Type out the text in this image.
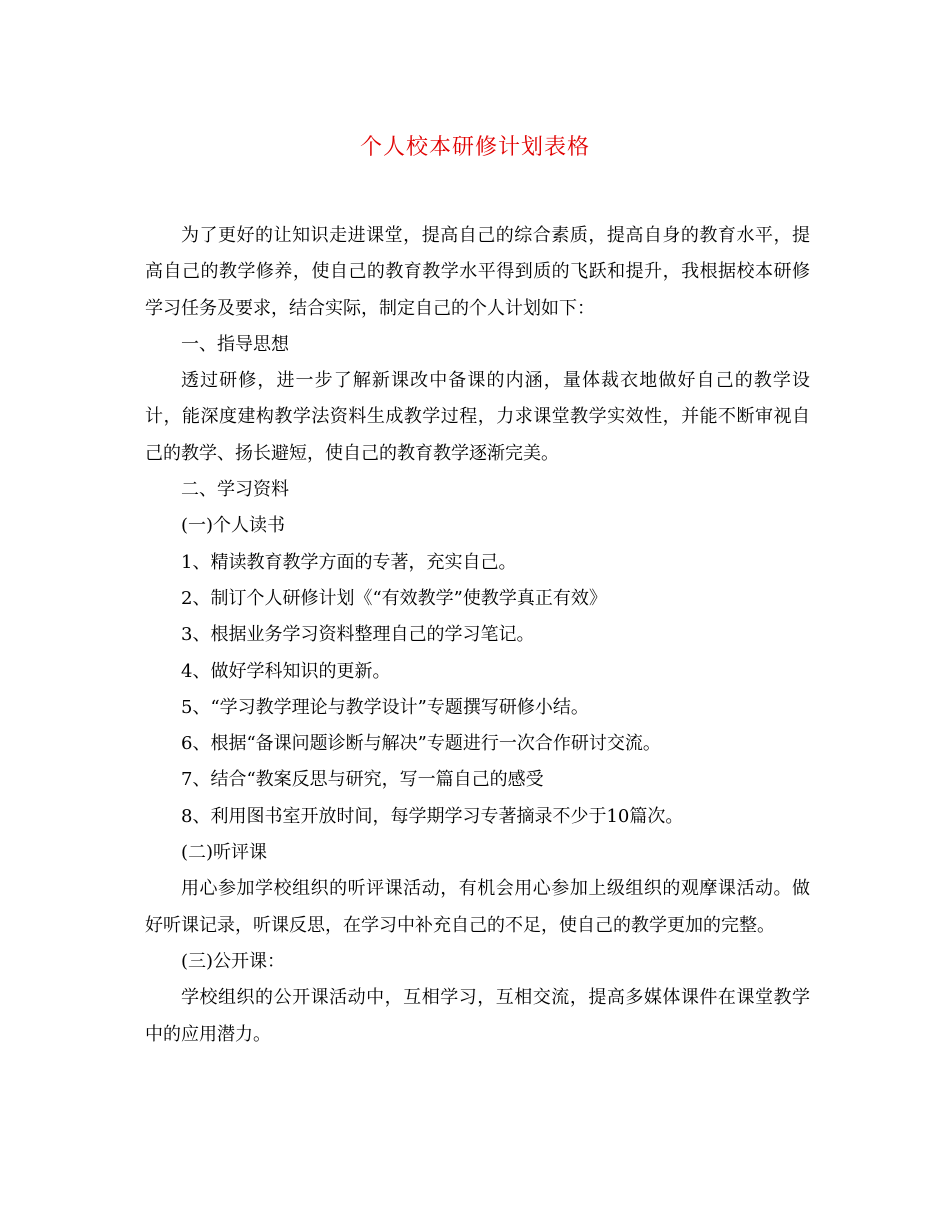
个人校本研修计划表格

为了更好的让知识走进课堂，提高自己的综合素质，提高自身的教育水平，提高自己的教学修养，使自己的教育教学水平得到质的飞跃和提升，我根据校本研修学习任务及要求，结合实际，制定自己的个人计划如下：

一、指导思想

透过研修，进一步了解新课改中备课的内涵，量体裁衣地做好自己的教学设计，能深度建构教学法资料生成教学过程，力求课堂教学实效性，并能不断审视自己的教学、扬长避短，使自己的教育教学逐渐完美。

二、学习资料

(一)个人读书

1、精读教育教学方面的专著，充实自己。

2、制订个人研修计划《“有效教学”使教学真正有效》

3、根据业务学习资料整理自己的学习笔记。

4、做好学科知识的更新。

5、“学习教学理论与教学设计”专题撰写研修小结。

6、根据“备课问题诊断与解决”专题进行一次合作研讨交流。

7、结合“教案反思与研究，写一篇自己的感受

8、利用图书室开放时间，每学期学习专著摘录不少于10篇次。

(二)听评课

用心参加学校组织的听评课活动，有机会用心参加上级组织的观摩课活动。做好听课记录，听课反思，在学习中补充自己的不足，使自己的教学更加的完整。

(三)公开课：

学校组织的公开课活动中，互相学习，互相交流，提高多媒体课件在课堂教学中的应用潜力。
